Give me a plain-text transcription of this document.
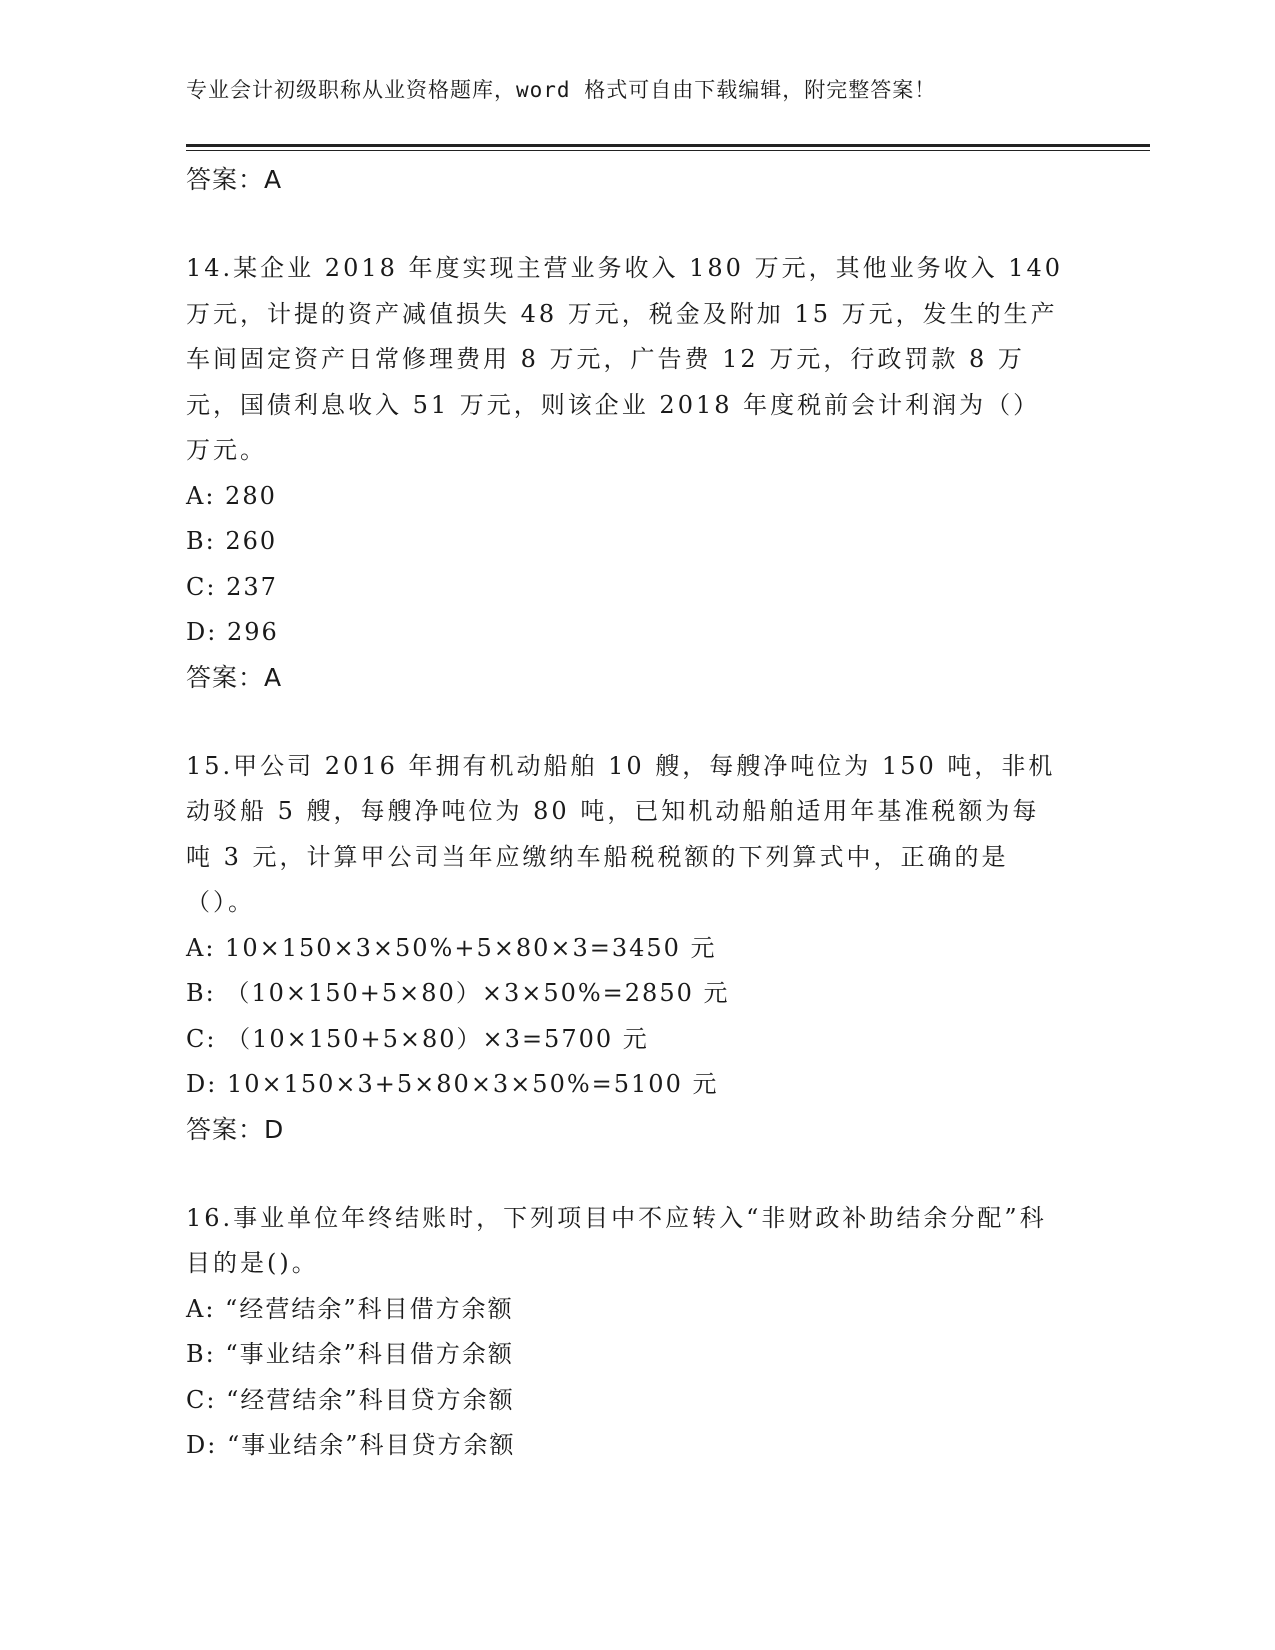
专业会计初级职称从业资格题库，word 格式可自由下载编辑，附完整答案！
答案：A

14.某企业 2018 年度实现主营业务收入 180 万元，其他业务收入 140 万元，计提的资产减值损失 48 万元，税金及附加 15 万元，发生的生产车间固定资产日常修理费用 8 万元，广告费 12 万元，行政罚款 8 万元，国债利息收入 51 万元，则该企业 2018 年度税前会计利润为（）万元。

A: 280
B: 260
C: 237
D: 296
答案：A

15.甲公司 2016 年拥有机动船舶 10 艘，每艘净吨位为 150 吨，非机动驳船 5 艘，每艘净吨位为 80 吨，已知机动船舶适用年基准税额为每吨 3 元，计算甲公司当年应缴纳车船税税额的下列算式中，正确的是（）。

A: 10×150×3×50%+5×80×3=3450 元
B: （10×150+5×80）×3×50%=2850 元
C: （10×150+5×80）×3=5700 元
D: 10×150×3+5×80×3×50%=5100 元
答案：D

16.事业单位年终结账时，下列项目中不应转入“非财政补助结余分配”科目的是()。

A: “经营结余”科目借方余额
B: “事业结余”科目借方余额
C: “经营结余”科目贷方余额
D: “事业结余”科目贷方余额
